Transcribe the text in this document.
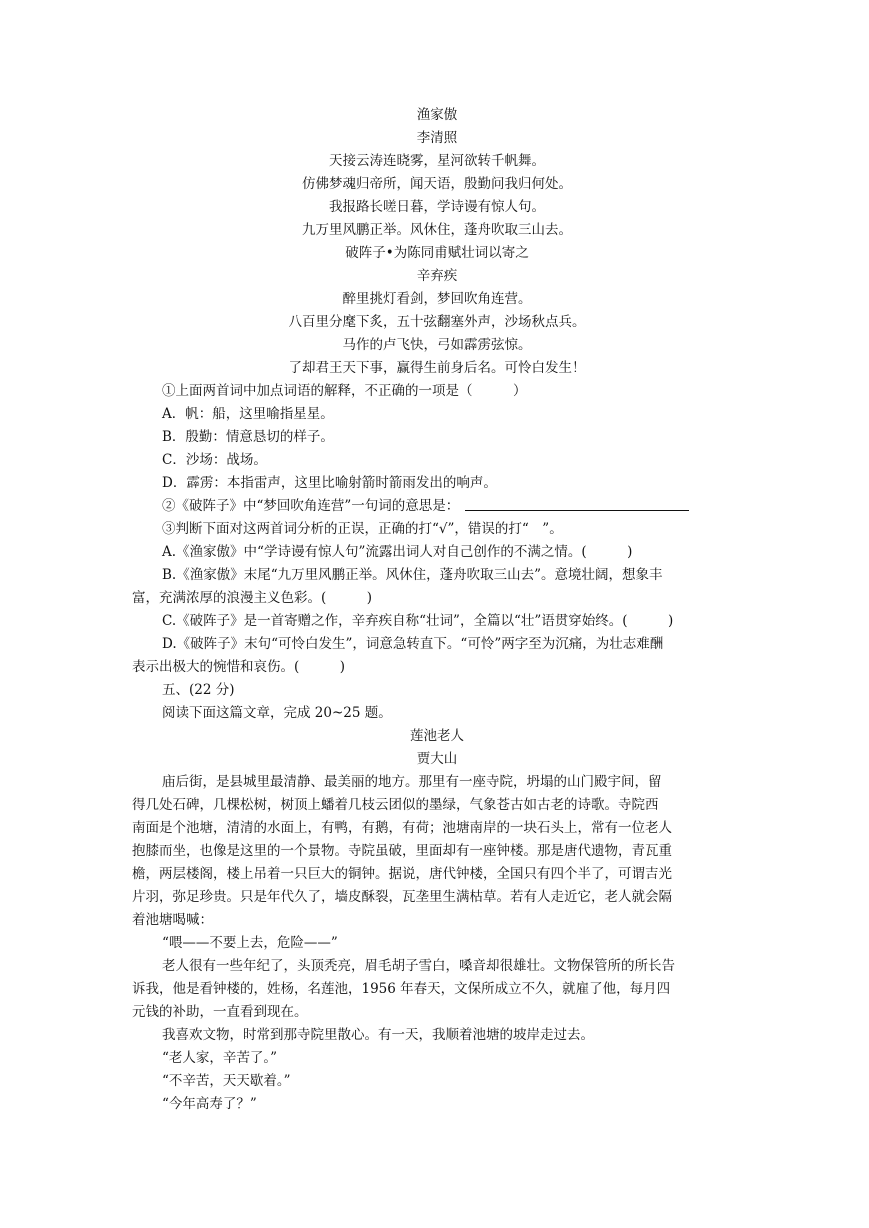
渔家傲
李清照
天接云涛连晓雾，星河欲转千帆舞。
仿佛梦魂归帝所，闻天语，殷勤问我归何处。
我报路长嗟日暮，学诗谩有惊人句。
九万里风鹏正举。风休住，蓬舟吹取三山去。
破阵子•为陈同甫赋壮词以寄之
辛弃疾
醉里挑灯看剑，梦回吹角连营。
八百里分麾下炙，五十弦翻塞外声，沙场秋点兵。
马作的卢飞快，弓如霹雳弦惊。
了却君王天下事，赢得生前身后名。可怜白发生！
①上面两首词中加点词语的解释，不正确的一项是（　　　）
A．帆：船，这里喻指星星。
B．殷勤：情意恳切的样子。
C．沙场：战场。
D．霹雳：本指雷声，这里比喻射箭时箭雨发出的响声。
②《破阵子》中“梦回吹角连营”一句词的意思是：
③判断下面对这两首词分析的正误，正确的打“√”，错误的打“　”。
A.《渔家傲》中“学诗谩有惊人句”流露出词人对自己创作的不满之情。(　　　)
B.《渔家傲》末尾“九万里风鹏正举。风休住，蓬舟吹取三山去”。意境壮阔，想象丰
富，充满浓厚的浪漫主义色彩。(　　　)
C.《破阵子》是一首寄赠之作，辛弃疾自称“壮词”，全篇以“壮”语贯穿始终。(　　　)
D.《破阵子》末句“可怜白发生”，词意急转直下。“可怜”两字至为沉痛，为壮志难酬
表示出极大的惋惜和哀伤。(　　　)
五、(22 分)
阅读下面这篇文章，完成 20~25 题。
莲池老人
贾大山
庙后街，是县城里最清静、最美丽的地方。那里有一座寺院，坍塌的山门殿宇间，留
得几处石碑，几棵松树，树顶上蟠着几枝云团似的墨绿，气象苍古如古老的诗歌。寺院西
南面是个池塘，清清的水面上，有鸭，有鹅，有荷；池塘南岸的一块石头上，常有一位老人
抱膝而坐，也像是这里的一个景物。寺院虽破，里面却有一座钟楼。那是唐代遗物，青瓦重
檐，两层楼阁，楼上吊着一只巨大的铜钟。据说，唐代钟楼，全国只有四个半了，可谓吉光
片羽，弥足珍贵。只是年代久了，墙皮酥裂，瓦垄里生满枯草。若有人走近它，老人就会隔
着池塘喝喊：
“喂——不要上去，危险——”
老人很有一些年纪了，头顶秃亮，眉毛胡子雪白，嗓音却很雄壮。文物保管所的所长告
诉我，他是看钟楼的，姓杨，名莲池，1956 年春天，文保所成立不久，就雇了他，每月四
元钱的补助，一直看到现在。
我喜欢文物，时常到那寺院里散心。有一天，我顺着池塘的坡岸走过去。
“老人家，辛苦了。”
“不辛苦，天天歇着。”
“今年高寿了？”
